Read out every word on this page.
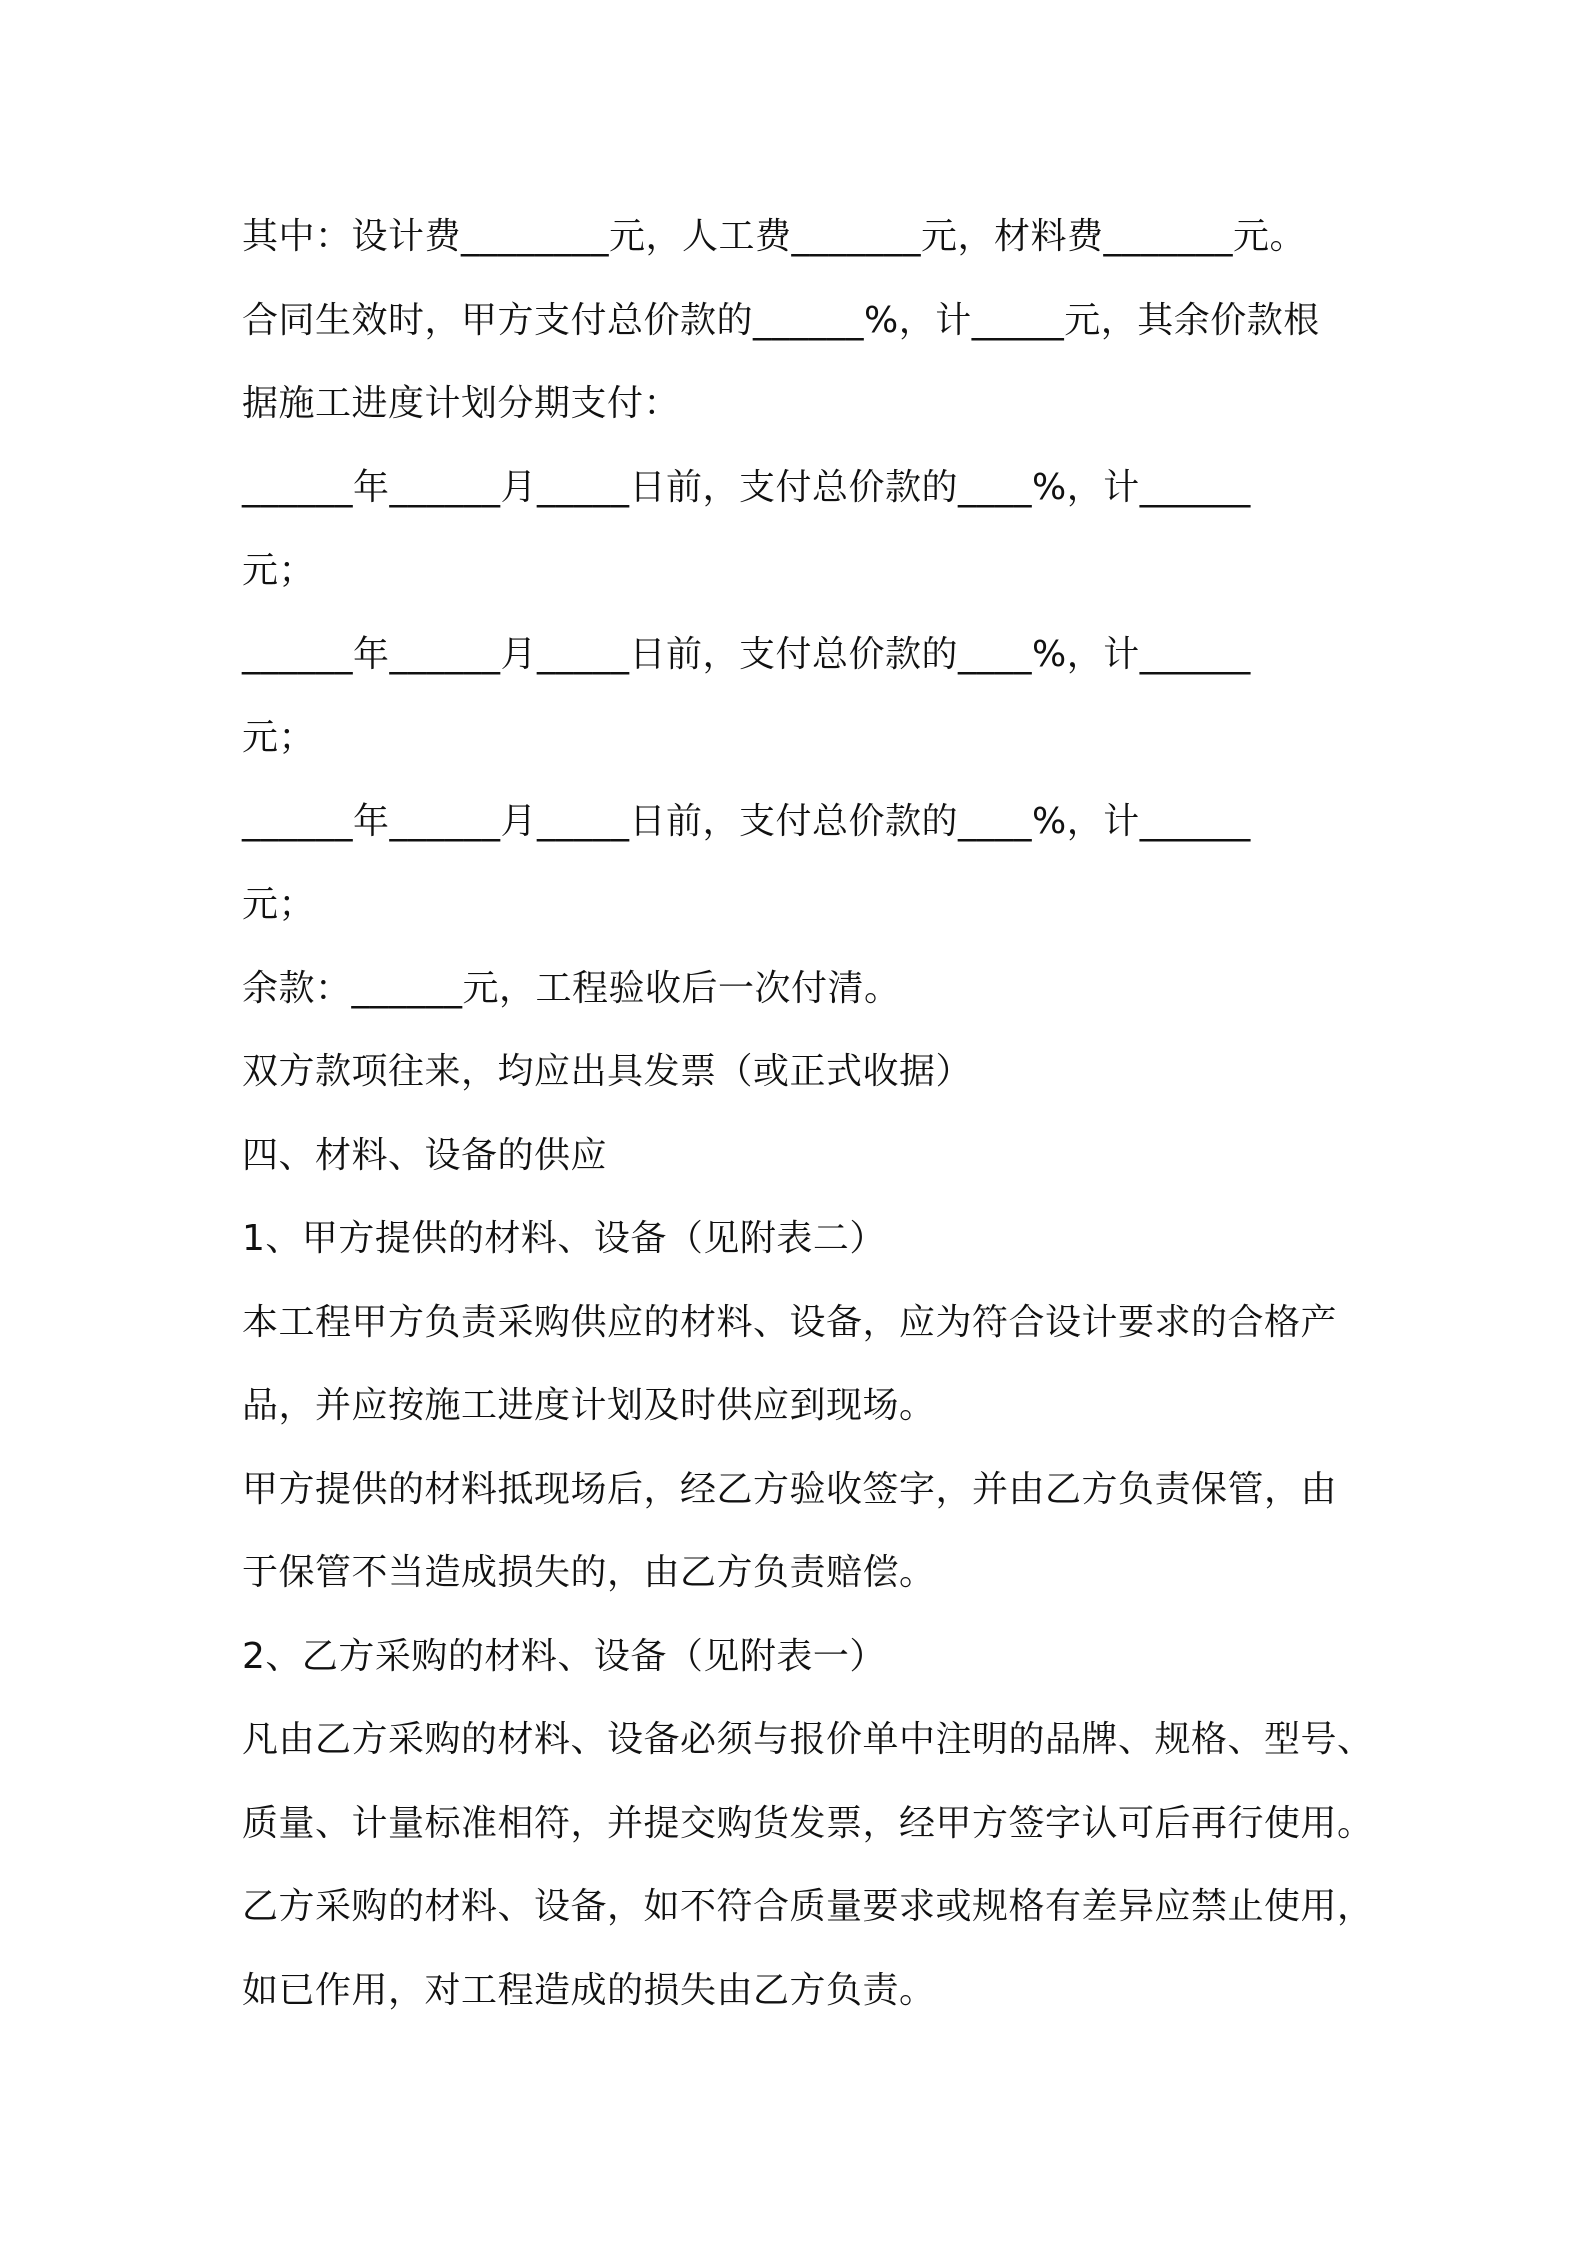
其中：设计费________元，人工费_______元，材料费_______元。
合同生效时，甲方支付总价款的______%，计_____元，其余价款根
据施工进度计划分期支付：
______年______月_____日前，支付总价款的____%，计______
元；
______年______月_____日前，支付总价款的____%，计______
元；
______年______月_____日前，支付总价款的____%，计______
元；
余款：______元，工程验收后一次付清。
双方款项往来，均应出具发票（或正式收据）
四、材料、设备的供应
1、甲方提供的材料、设备（见附表二）
本工程甲方负责采购供应的材料、设备，应为符合设计要求的合格产
品，并应按施工进度计划及时供应到现场。
甲方提供的材料抵现场后，经乙方验收签字，并由乙方负责保管，由
于保管不当造成损失的，由乙方负责赔偿。
2、乙方采购的材料、设备（见附表一）
凡由乙方采购的材料、设备必须与报价单中注明的品牌、规格、型号、
质量、计量标准相符，并提交购货发票，经甲方签字认可后再行使用。
乙方采购的材料、设备，如不符合质量要求或规格有差异应禁止使用，
如已作用，对工程造成的损失由乙方负责。
